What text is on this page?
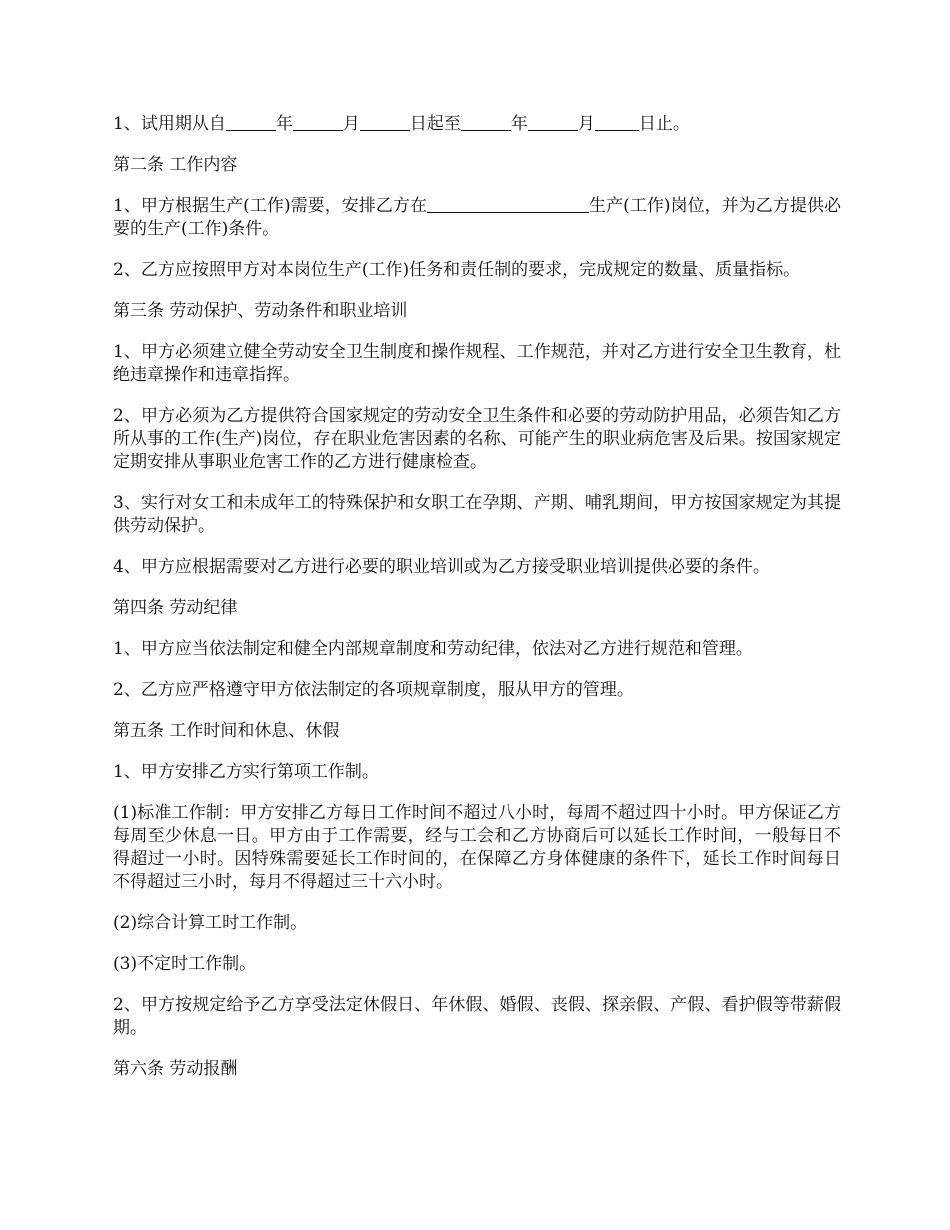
1、试用期从自	年	月	日起至	年	月	日止。

第二条 工作内容

1、甲方根据生产(工作)需要，安排乙方在	生产(工作)岗位，并为乙方提供必要的生产(工作)条件。

2、乙方应按照甲方对本岗位生产(工作)任务和责任制的要求，完成规定的数量、质量指标。

第三条 劳动保护、劳动条件和职业培训

1、甲方必须建立健全劳动安全卫生制度和操作规程、工作规范，并对乙方进行安全卫生教育，杜绝违章操作和违章指挥。

2、甲方必须为乙方提供符合国家规定的劳动安全卫生条件和必要的劳动防护用品，必须告知乙方所从事的工作(生产)岗位，存在职业危害因素的名称、可能产生的职业病危害及后果。按国家规定定期安排从事职业危害工作的乙方进行健康检查。

3、实行对女工和未成年工的特殊保护和女职工在孕期、产期、哺乳期间，甲方按国家规定为其提供劳动保护。

4、甲方应根据需要对乙方进行必要的职业培训或为乙方接受职业培训提供必要的条件。

第四条 劳动纪律

1、甲方应当依法制定和健全内部规章制度和劳动纪律，依法对乙方进行规范和管理。

2、乙方应严格遵守甲方依法制定的各项规章制度，服从甲方的管理。

第五条 工作时间和休息、休假

1、甲方安排乙方实行第项工作制。

(1)标准工作制：甲方安排乙方每日工作时间不超过八小时，每周不超过四十小时。甲方保证乙方每周至少休息一日。甲方由于工作需要，经与工会和乙方协商后可以延长工作时间，一般每日不得超过一小时。因特殊需要延长工作时间的，在保障乙方身体健康的条件下，延长工作时间每日不得超过三小时，每月不得超过三十六小时。

(2)综合计算工时工作制。

(3)不定时工作制。

2、甲方按规定给予乙方享受法定休假日、年休假、婚假、丧假、探亲假、产假、看护假等带薪假期。

第六条 劳动报酬
